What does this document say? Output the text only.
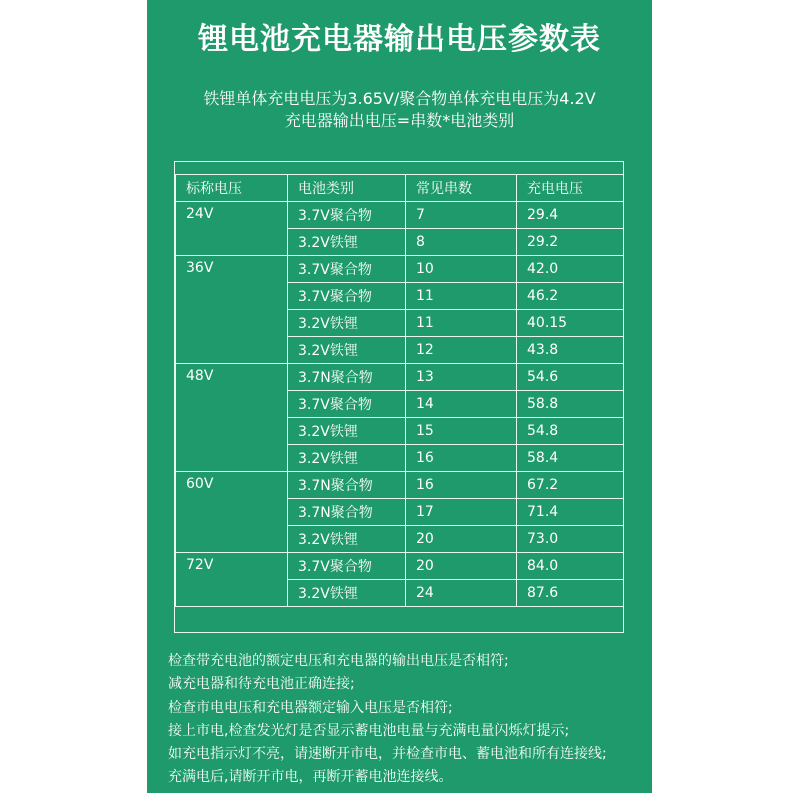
锂电池充电器输出电压参数表
铁锂单体充电电压为3.65V/聚合物单体充电电压为4.2V
充电器输出电压=串数*电池类别
标称电压	电池类别	常见串数	充电电压
24V	3.7V聚合物	7	29.4
	3.2V铁锂	8	29.2
36V	3.7V聚合物	10	42.0
	3.7V聚合物	11	46.2
	3.2V铁锂	11	40.15
	3.2V铁锂	12	43.8
48V	3.7N聚合物	13	54.6
	3.7V聚合物	14	58.8
	3.2V铁锂	15	54.8
	3.2V铁锂	16	58.4
60V	3.7N聚合物	16	67.2
	3.7N聚合物	17	71.4
	3.2V铁锂	20	73.0
72V	3.7V聚合物	20	84.0
	3.2V铁锂	24	87.6
检查带充电池的额定电压和充电器的输出电压是否相符;
减充电器和待充电池正确连接;
检查市电电压和充电器额定输入电压是否相符;
接上市电,检查发光灯是否显示蓄电池电量与充满电量闪烁灯提示;
如充电指示灯不亮，请速断开市电，并检查市电、蓄电池和所有连接线;
充满电后,请断开市电，再断开蓄电池连接线。
